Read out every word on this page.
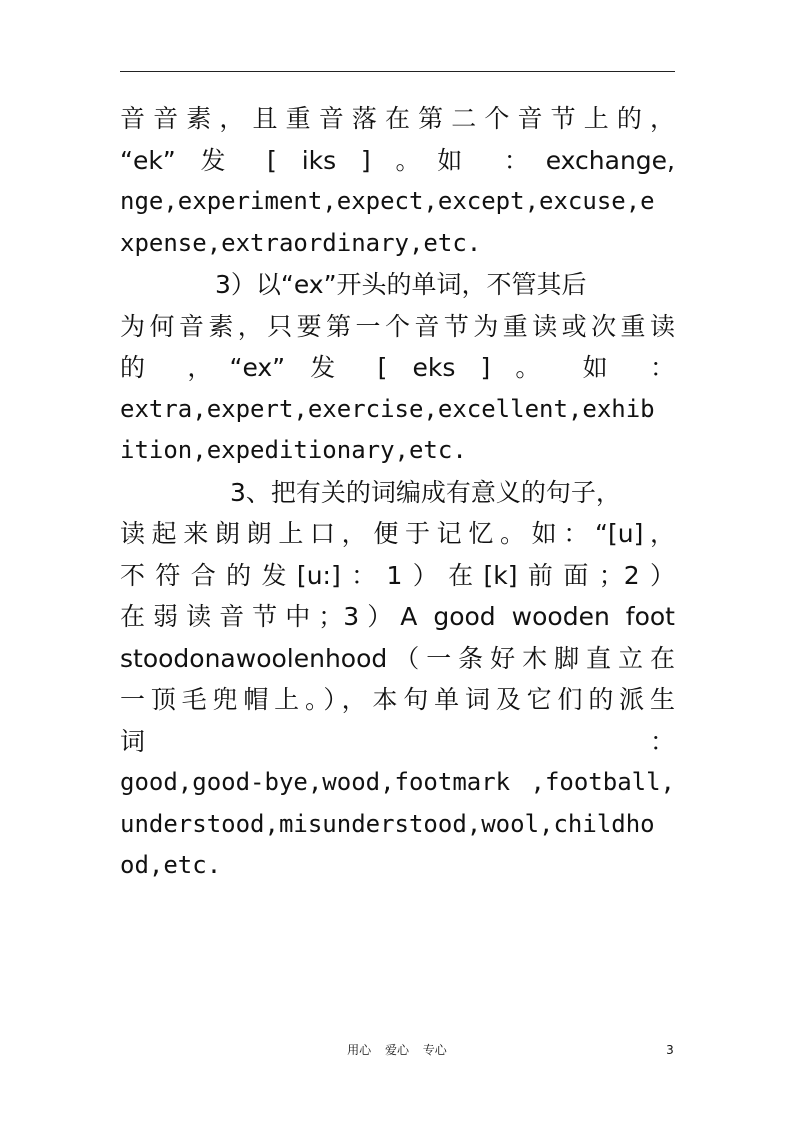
音音素，且重音落在第二个音节上的，
“ek” 发 [ iks ] 。如 ：exchange,
nge,experiment,expect,except,excuse,e
xpense,extraordinary,etc.
3）以“ex”开头的单词，不管其后
为何音素，只要第一个音节为重读或次重读
的 ，“ex” 发 [ eks ] 。 如 ：
extra,expert,exercise,excellent,exhib
ition,expeditionary,etc.
3、把有关的词编成有意义的句子，
读起来朗朗上口，便于记忆。如：“[u]，
不符合的发[u:]：1）在[k]前面；2）
在弱读音节中；3）A good wooden foot
stoodonawoolenhood（一条好木脚直立在
一顶毛兜帽上。），本句单词及它们的派生
词 ：
good,good-bye,wood,footmark ,football,
understood,misunderstood,wool,childho
od,etc.
用心 爱心 专心	3
